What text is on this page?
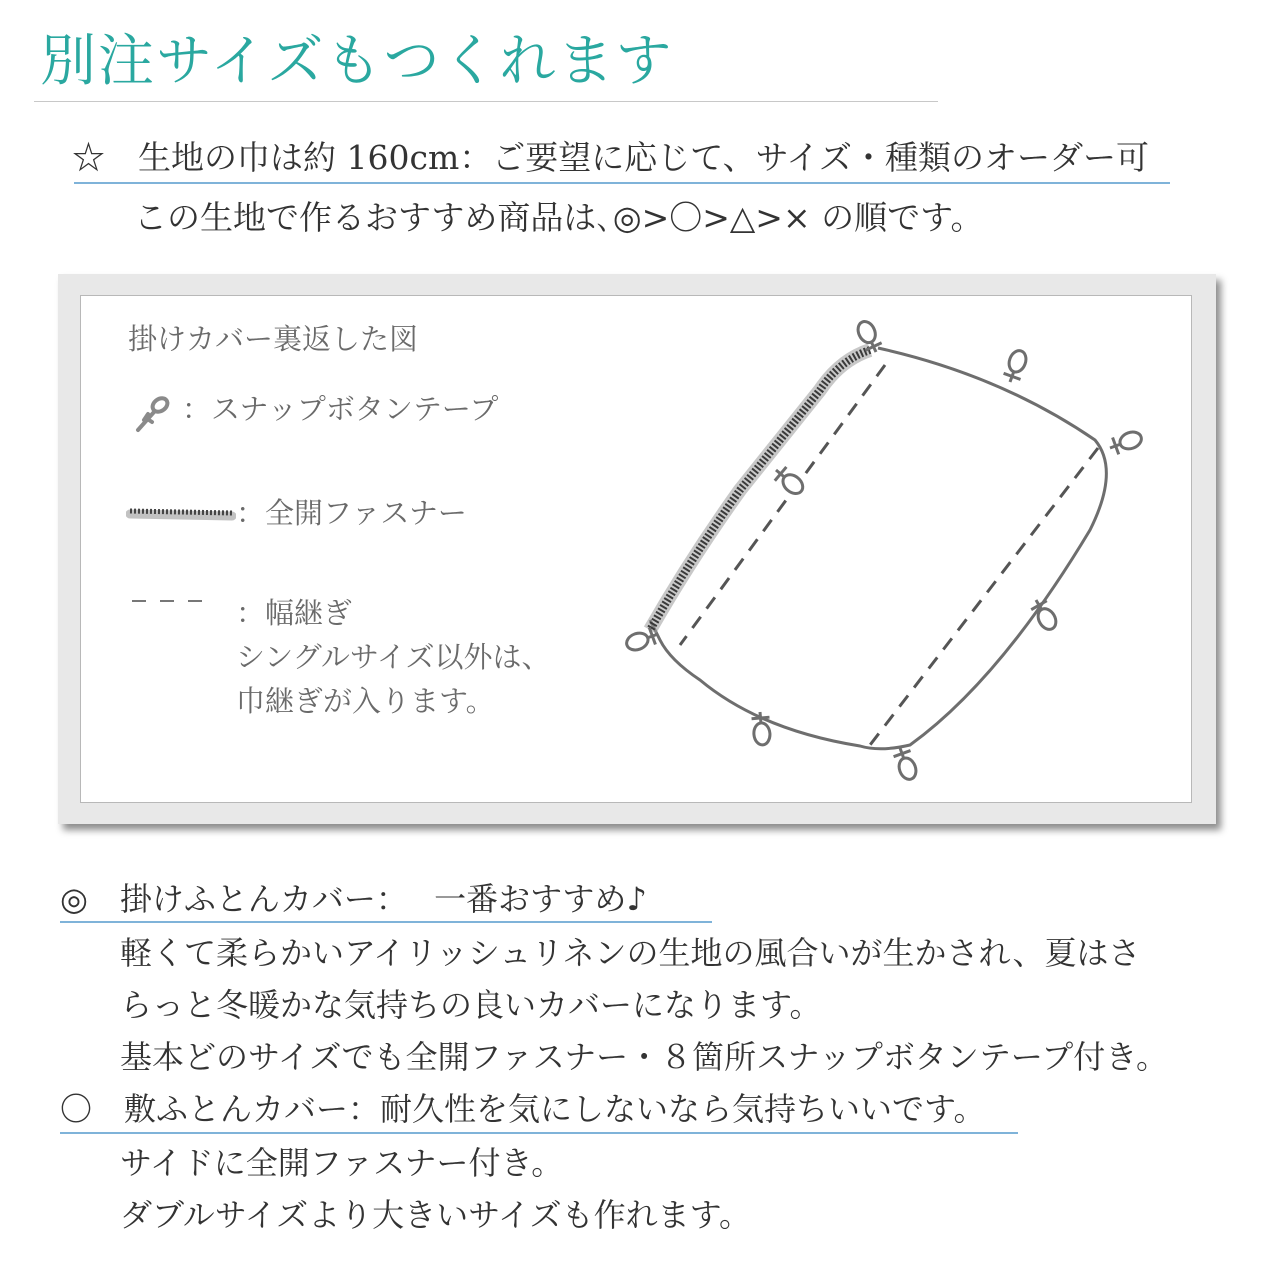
別注サイズもつくれます
☆　生地の巾は約 160cm：ご要望に応じて、サイズ・種類のオーダー可
この生地で作るおすすめ商品は､◎>〇>△>× の順です。
掛けカバー裏返した図
：スナップボタンテープ
：全開ファスナー
：幅継ぎ
シングルサイズ以外は、
巾継ぎが入ります。
◎　掛けふとんカバー：　 一番おすすめ♪
軽くて柔らかいアイリッシュリネンの生地の風合いが生かされ、夏はさ
らっと冬暖かな気持ちの良いカバーになります。
基本どのサイズでも全開ファスナー・８箇所スナップボタンテープ付き。
〇　敷ふとんカバー：耐久性を気にしないなら気持ちいいです。
サイドに全開ファスナー付き。
ダブルサイズより大きいサイズも作れます。
